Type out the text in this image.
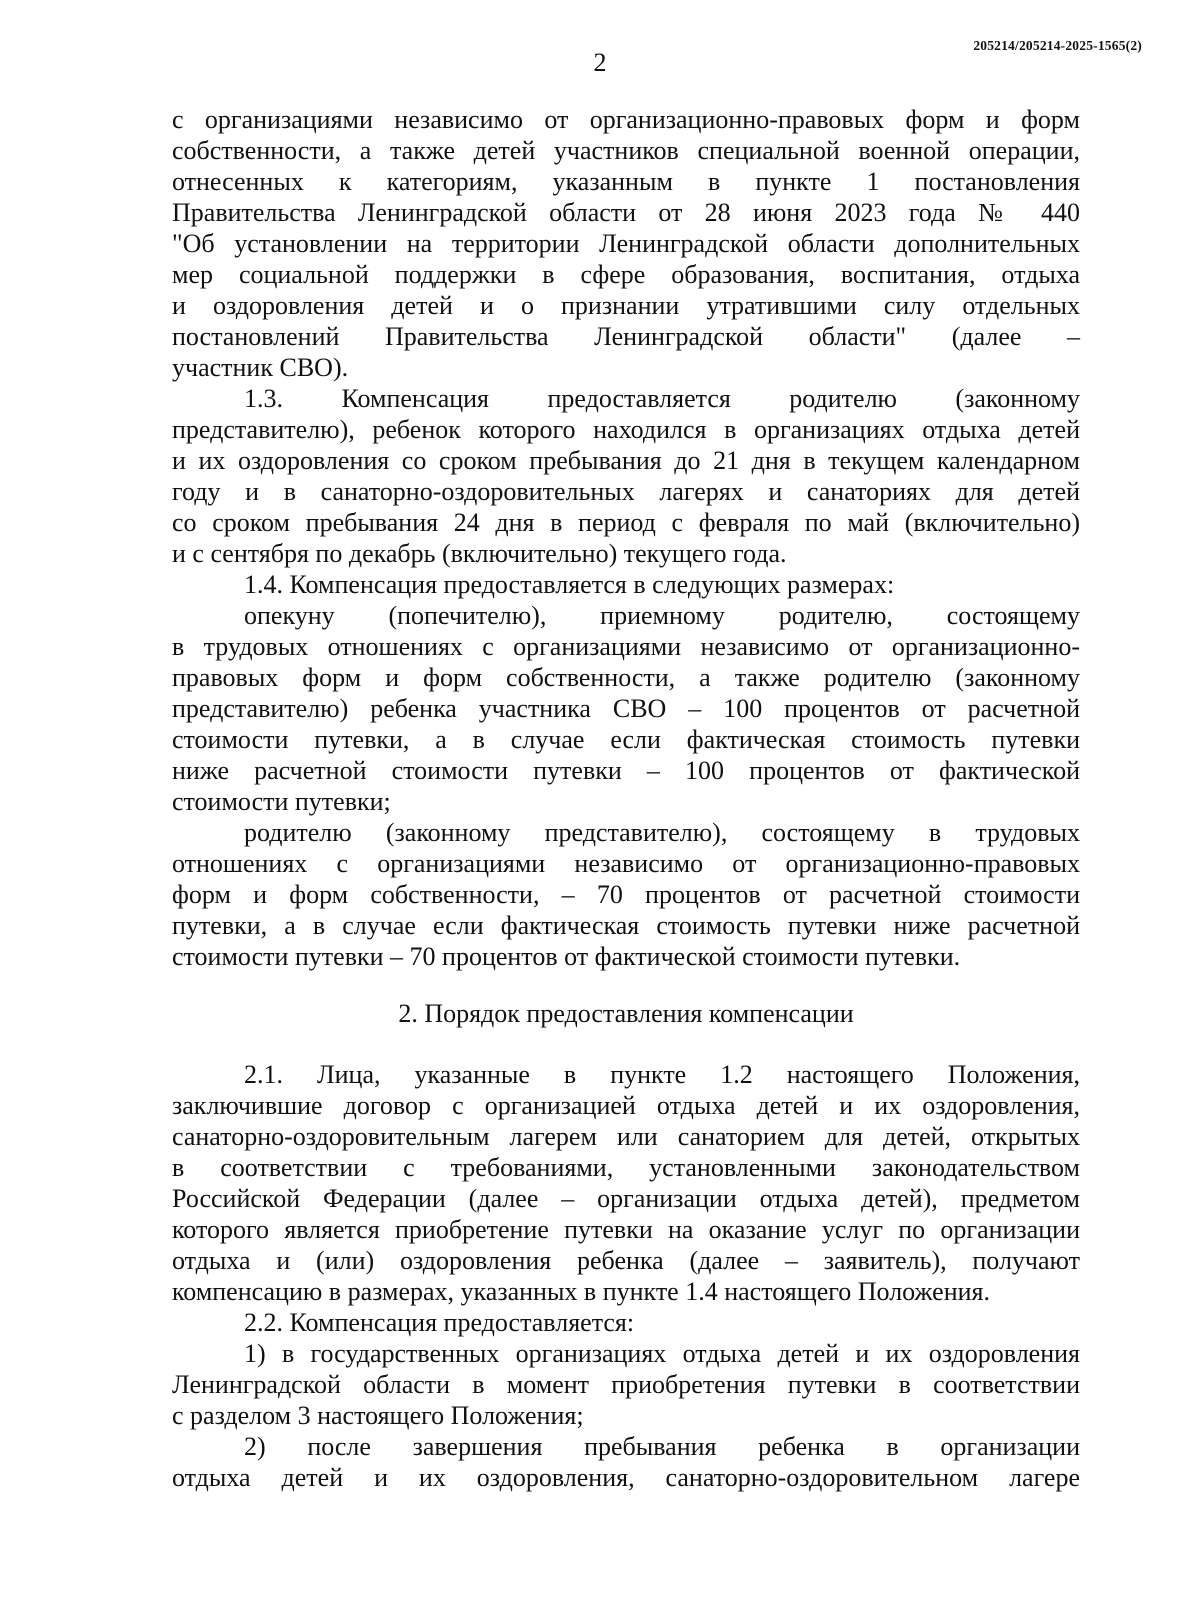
2
205214/205214-2025-1565(2)
с организациями независимо от организационно-правовых форм и форм
собственности, а также детей участников специальной военной операции,
отнесенных к категориям, указанным в пункте 1 постановления
Правительства Ленинградской области от 28 июня 2023 года № 440
"Об установлении на территории Ленинградской области дополнительных
мер социальной поддержки в сфере образования, воспитания, отдыха
и оздоровления детей и о признании утратившими силу отдельных
постановлений Правительства Ленинградской области" (далее –
участник СВО).
1.3. Компенсация предоставляется родителю (законному
представителю), ребенок которого находился в организациях отдыха детей
и их оздоровления со сроком пребывания до 21 дня в текущем календарном
году и в санаторно-оздоровительных лагерях и санаториях для детей
со сроком пребывания 24 дня в период с февраля по май (включительно)
и с сентября по декабрь (включительно) текущего года.
1.4. Компенсация предоставляется в следующих размерах:
опекуну (попечителю), приемному родителю, состоящему
в трудовых отношениях с организациями независимо от организационно-
правовых форм и форм собственности, а также родителю (законному
представителю) ребенка участника СВО – 100 процентов от расчетной
стоимости путевки, а в случае если фактическая стоимость путевки
ниже расчетной стоимости путевки – 100 процентов от фактической
стоимости путевки;
родителю (законному представителю), состоящему в трудовых
отношениях с организациями независимо от организационно-правовых
форм и форм собственности, – 70 процентов от расчетной стоимости
путевки, а в случае если фактическая стоимость путевки ниже расчетной
стоимости путевки – 70 процентов от фактической стоимости путевки.
2. Порядок предоставления компенсации
2.1. Лица, указанные в пункте 1.2 настоящего Положения,
заключившие договор с организацией отдыха детей и их оздоровления,
санаторно-оздоровительным лагерем или санаторием для детей, открытых
в соответствии с требованиями, установленными законодательством
Российской Федерации (далее – организации отдыха детей), предметом
которого является приобретение путевки на оказание услуг по организации
отдыха и (или) оздоровления ребенка (далее – заявитель), получают
компенсацию в размерах, указанных в пункте 1.4 настоящего Положения.
2.2. Компенсация предоставляется:
1) в государственных организациях отдыха детей и их оздоровления
Ленинградской области в момент приобретения путевки в соответствии
с разделом 3 настоящего Положения;
2) после завершения пребывания ребенка в организации
отдыха детей и их оздоровления, санаторно-оздоровительном лагере
